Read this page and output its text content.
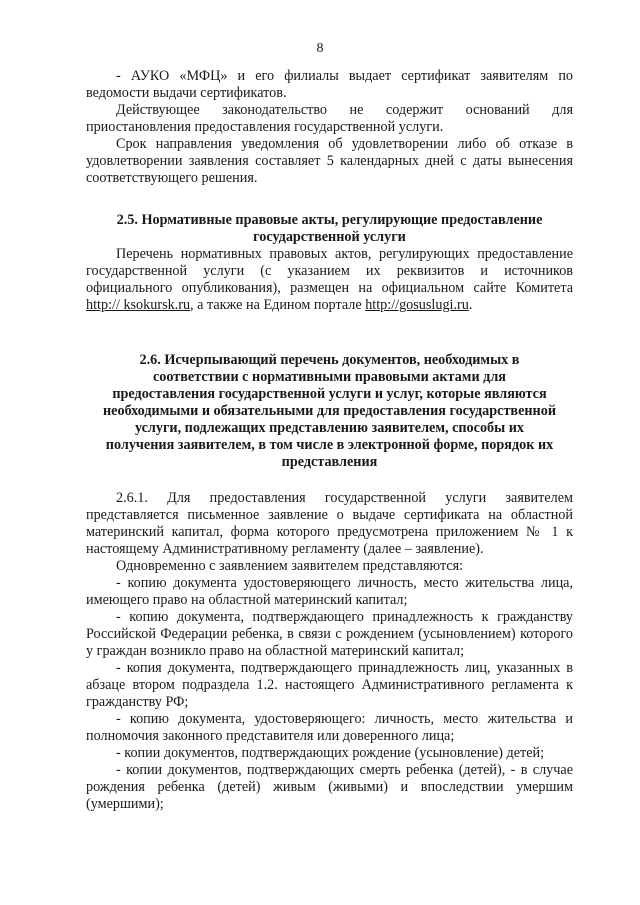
8

- АУКО «МФЦ» и его филиалы выдает сертификат заявителям по ведомости выдачи сертификатов.

Действующее законодательство не содержит оснований для приостановления предоставления государственной услуги.

Срок направления уведомления об удовлетворении либо об отказе в удовлетворении заявления составляет 5 календарных дней с даты вынесения соответствующего решения.

2.5. Нормативные правовые акты, регулирующие предоставление государственной услуги

Перечень нормативных правовых актов, регулирующих предоставление государственной услуги (с указанием их реквизитов и источников официального опубликования), размещен на официальном сайте Комитета http:// ksokursk.ru, а также на Едином портале http://gosuslugi.ru.

2.6. Исчерпывающий перечень документов, необходимых в соответствии с нормативными правовыми актами для предоставления государственной услуги и услуг, которые являются необходимыми и обязательными для предоставления государственной услуги, подлежащих представлению заявителем, способы их получения заявителем, в том числе в электронной форме, порядок их представления

2.6.1. Для предоставления государственной услуги заявителем представляется письменное заявление о выдаче сертификата на областной материнский капитал, форма которого предусмотрена приложением № 1 к настоящему Административному регламенту (далее – заявление).

Одновременно с заявлением заявителем представляются:

- копию документа удостоверяющего личность, место жительства лица, имеющего право на областной материнский капитал;

- копию документа, подтверждающего принадлежность к гражданству Российской Федерации ребенка, в связи с рождением (усыновлением) которого у граждан возникло право на областной материнский капитал;

- копия документа, подтверждающего принадлежность лиц, указанных в абзаце втором подраздела 1.2. настоящего Административного регламента к гражданству РФ;

- копию документа, удостоверяющего: личность, место жительства и полномочия законного представителя или доверенного лица;

- копии документов, подтверждающих рождение (усыновление) детей;

- копии документов, подтверждающих смерть ребенка (детей), - в случае рождения ребенка (детей) живым (живыми) и впоследствии умершим (умершими);
